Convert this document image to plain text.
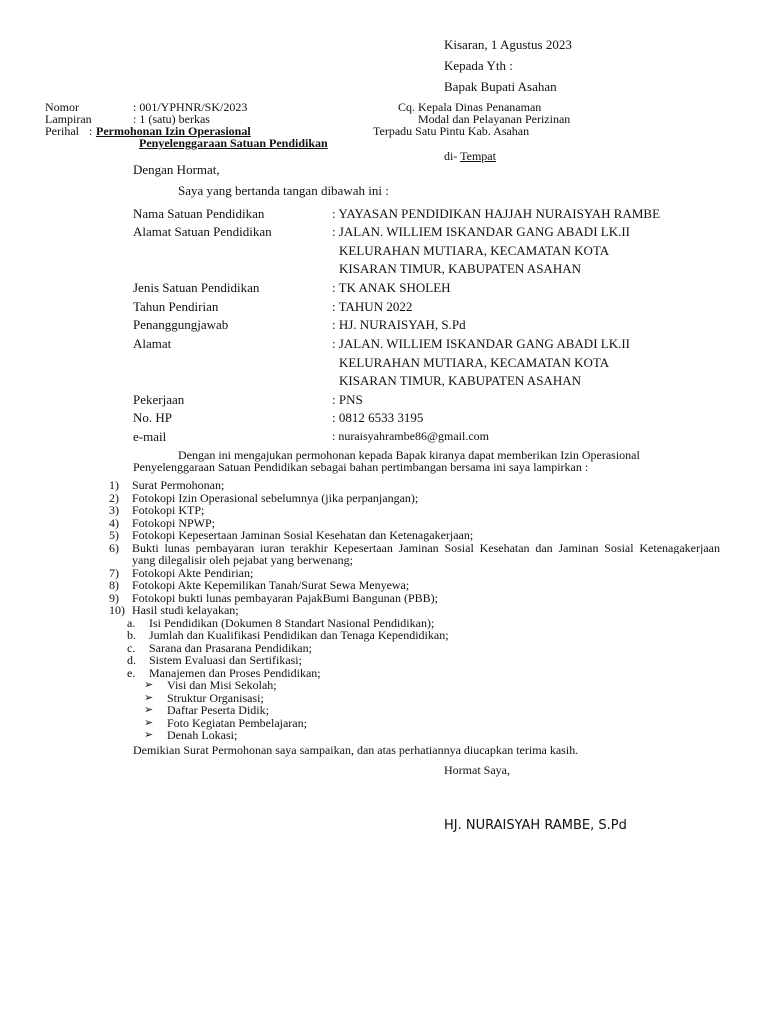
Kisaran, 1 Agustus 2023
Kepada Yth :
Bapak Bupati Asahan
Cq. Kepala Dinas Penanaman
Modal dan Pelayanan Perizinan
Terpadu Satu Pintu Kab. Asahan
di- Tempat
Nomor	: 001/YPHNR/SK/2023
Lampiran	: 1 (satu) berkas
Perihal : Permohonan Izin Operasional
Penyelenggaraan Satuan Pendidikan
Dengan Hormat,
Saya yang bertanda tangan dibawah ini :
Nama Satuan Pendidikan	: YAYASAN PENDIDIKAN HAJJAH NURAISYAH RAMBE
Alamat Satuan Pendidikan	: JALAN. WILLIEM ISKANDAR GANG ABADI LK.II
KELURAHAN MUTIARA, KECAMATAN KOTA
KISARAN TIMUR, KABUPATEN ASAHAN
Jenis Satuan Pendidikan	: TK ANAK SHOLEH
Tahun Pendirian	: TAHUN 2022
Penanggungjawab	: HJ. NURAISYAH, S.Pd
Alamat	: JALAN. WILLIEM ISKANDAR GANG ABADI LK.II
KELURAHAN MUTIARA, KECAMATAN KOTA
KISARAN TIMUR, KABUPATEN ASAHAN
Pekerjaan	: PNS
No. HP	: 0812 6533 3195
e-mail	: nuraisyahrambe86@gmail.com
Dengan ini mengajukan permohonan kepada Bapak kiranya dapat memberikan Izin Operasional
Penyelenggaraan Satuan Pendidikan sebagai bahan pertimbangan bersama ini saya lampirkan :
1) Surat Permohonan;
2) Fotokopi Izin Operasional sebelumnya (jika perpanjangan);
3) Fotokopi KTP;
4) Fotokopi NPWP;
5) Fotokopi Kepesertaan Jaminan Sosial Kesehatan dan Ketenagakerjaan;
6) Bukti lunas pembayaran iuran terakhir Kepesertaan Jaminan Sosial Kesehatan dan Jaminan Sosial Ketenagakerjaan
yang dilegalisir oleh pejabat yang berwenang;
7) Fotokopi Akte Pendirian;
8) Fotokopi Akte Kepemilikan Tanah/Surat Sewa Menyewa;
9) Fotokopi bukti lunas pembayaran PajakBumi Bangunan (PBB);
10) Hasil studi kelayakan;
a. Isi Pendidikan (Dokumen 8 Standart Nasional Pendidikan);
b. Jumlah dan Kualifikasi Pendidikan dan Tenaga Kependidikan;
c. Sarana dan Prasarana Pendidikan;
d. Sistem Evaluasi dan Sertifikasi;
e. Manajemen dan Proses Pendidikan;
➢ Visi dan Misi Sekolah;
➢ Struktur Organisasi;
➢ Daftar Peserta Didik;
➢ Foto Kegiatan Pembelajaran;
➢ Denah Lokasi;
Demikian Surat Permohonan saya sampaikan, dan atas perhatiannya diucapkan terima kasih.
Hormat Saya,
HJ. NURAISYAH RAMBE, S.Pd
